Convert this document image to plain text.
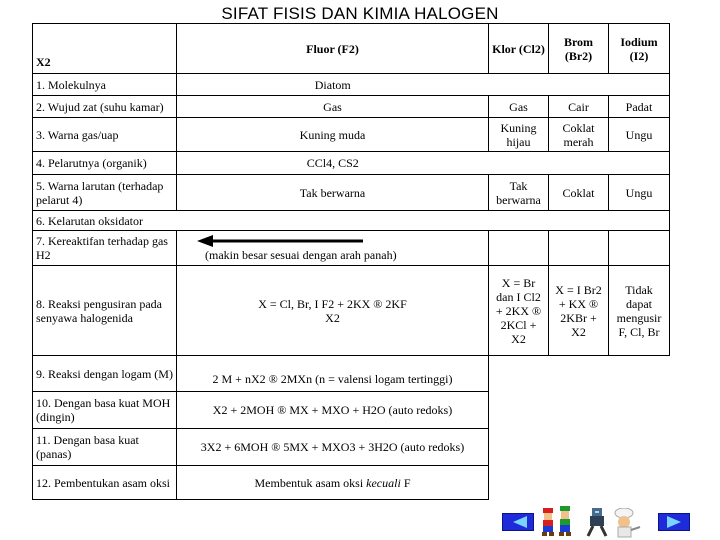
SIFAT FISIS DAN KIMIA HALOGEN
X2	Fluor (F2)	Klor (Cl2)	Brom (Br2)	Iodium (I2)
1. Molekulnya	Diatom			
2. Wujud zat (suhu kamar)	Gas	Gas	Cair	Padat
3. Warna gas/uap	Kuning muda	Kuning hijau	Coklat merah	Ungu
4. Pelarutnya (organik)	CCl4, CS2			
5. Warna larutan (terhadap pelarut 4)	Tak berwarna	Tak berwarna	Coklat	Ungu
6. Kelarutan oksidator				
7. Kereaktifan terhadap gas H2	(makin besar sesuai dengan arah panah)			

8. Reaksi pengusiran pada senyawa halogenida	X = Cl, Br, I F2 + 2KX ® 2KF X2	X = Br dan I Cl2 + 2KX ® 2KCl + X2	X = I Br2 + KX ® 2KBr + X2	Tidak dapat mengusir F, Cl, Br
9. Reaksi dengan logam (M)	2 M + nX2 ® 2MXn (n = valensi logam tertinggi)			
10. Dengan basa kuat MOH (dingin)	X2 + 2MOH ® MX + MXO + H2O (auto redoks)			
11. Dengan basa kuat (panas)	3X2 + 6MOH ® 5MX + MXO3 + 3H2O (auto redoks)			
12. Pembentukan asam oksi	Membentuk asam oksi kecuali F			
